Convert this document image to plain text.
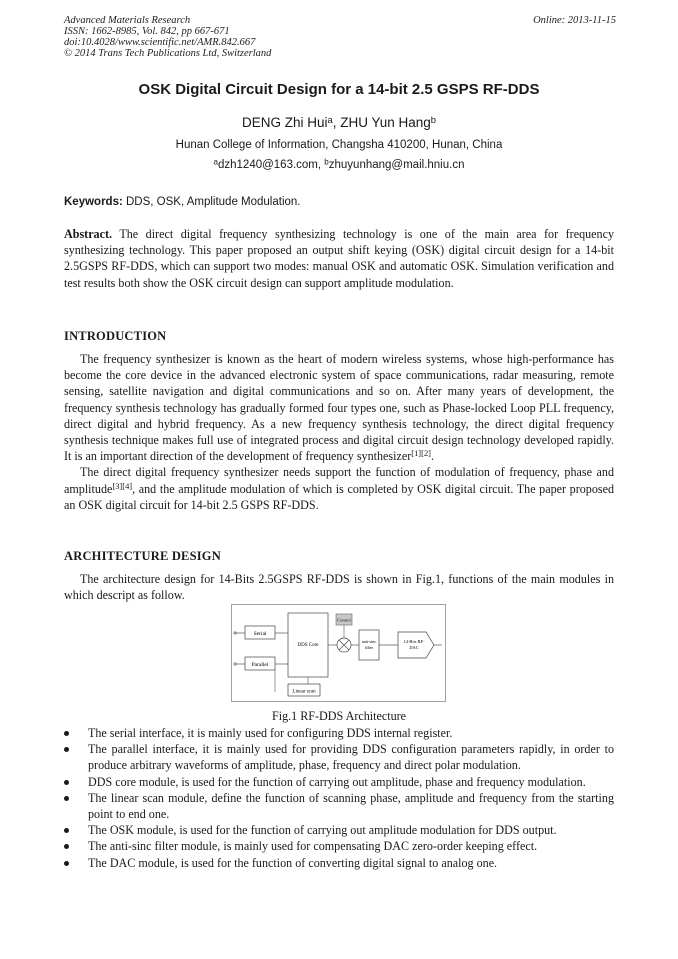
Advanced Materials Research
ISSN: 1662-8985, Vol. 842, pp 667-671
doi:10.4028/www.scientific.net/AMR.842.667
© 2014 Trans Tech Publications Ltd, Switzerland
Online: 2013-11-15
OSK Digital Circuit Design for a 14-bit 2.5 GSPS RF-DDS
DENG Zhi Hui$^a$, ZHU Yun Hang$^b$
Hunan College of Information, Changsha 410200, Hunan, China
$^a$dzh1240@163.com, $^b$zhuyunhang@mail.hniu.cn
Keywords: DDS, OSK, Amplitude Modulation.

Abstract. The direct digital frequency synthesizing technology is one of the main area for frequency synthesizing technology. This paper proposed an output shift keying (OSK) digital circuit design for a 14-bit 2.5GSPS RF-DDS, which can support two modes: manual OSK and automatic OSK. Simulation verification and test results both show the OSK circuit design can support amplitude modulation.

INTRODUCTION

The frequency synthesizer is known as the heart of modern wireless systems, whose high-performance has become the core device in the advanced electronic system of space communications, radar measuring, remote sensing, satellite navigation and digital communications and so on. After many years of development, the frequency synthesis technology has gradually formed four types one, such as Phase-locked Loop PLL frequency, direct digital and hybrid frequency. As a new frequency synthesis technology, the direct digital frequency synthesis technique makes full use of integrated process and digital circuit design technology developed rapidly. It is an important direction of the development of frequency synthesizer[1][2].

The direct digital frequency synthesizer needs support the function of modulation of frequency, phase and amplitude[3][4], and the amplitude modulation of which is completed by OSK digital circuit. The paper proposed an OSK digital circuit for 14-bit 2.5 GSPS RF-DDS.

ARCHITECTURE DESIGN

The architecture design for 14-Bits 2.5GSPS RF-DDS is shown in Fig.1, functions of the main modules in which descript as follow.

Serial
Parallel
DDS Core
Linear scan
Control
anti-sinc
filter
14-Bits RF-
DAC
Fig.1 RF-DDS Architecture
The serial interface, it is mainly used for configuring DDS internal register.
The parallel interface, it is mainly used for providing DDS configuration parameters rapidly, in order to produce arbitrary waveforms of amplitude, phase, frequency and direct polar modulation.
DDS core module, is used for the function of carrying out amplitude, phase and frequency modulation.
The linear scan module, define the function of scanning phase, amplitude and frequency from the starting point to end one.
The OSK module, is used for the function of carrying out amplitude modulation for DDS output.
The anti-sinc filter module, is mainly used for compensating DAC zero-order keeping effect.
The DAC module, is used for the function of converting digital signal to analog one.
